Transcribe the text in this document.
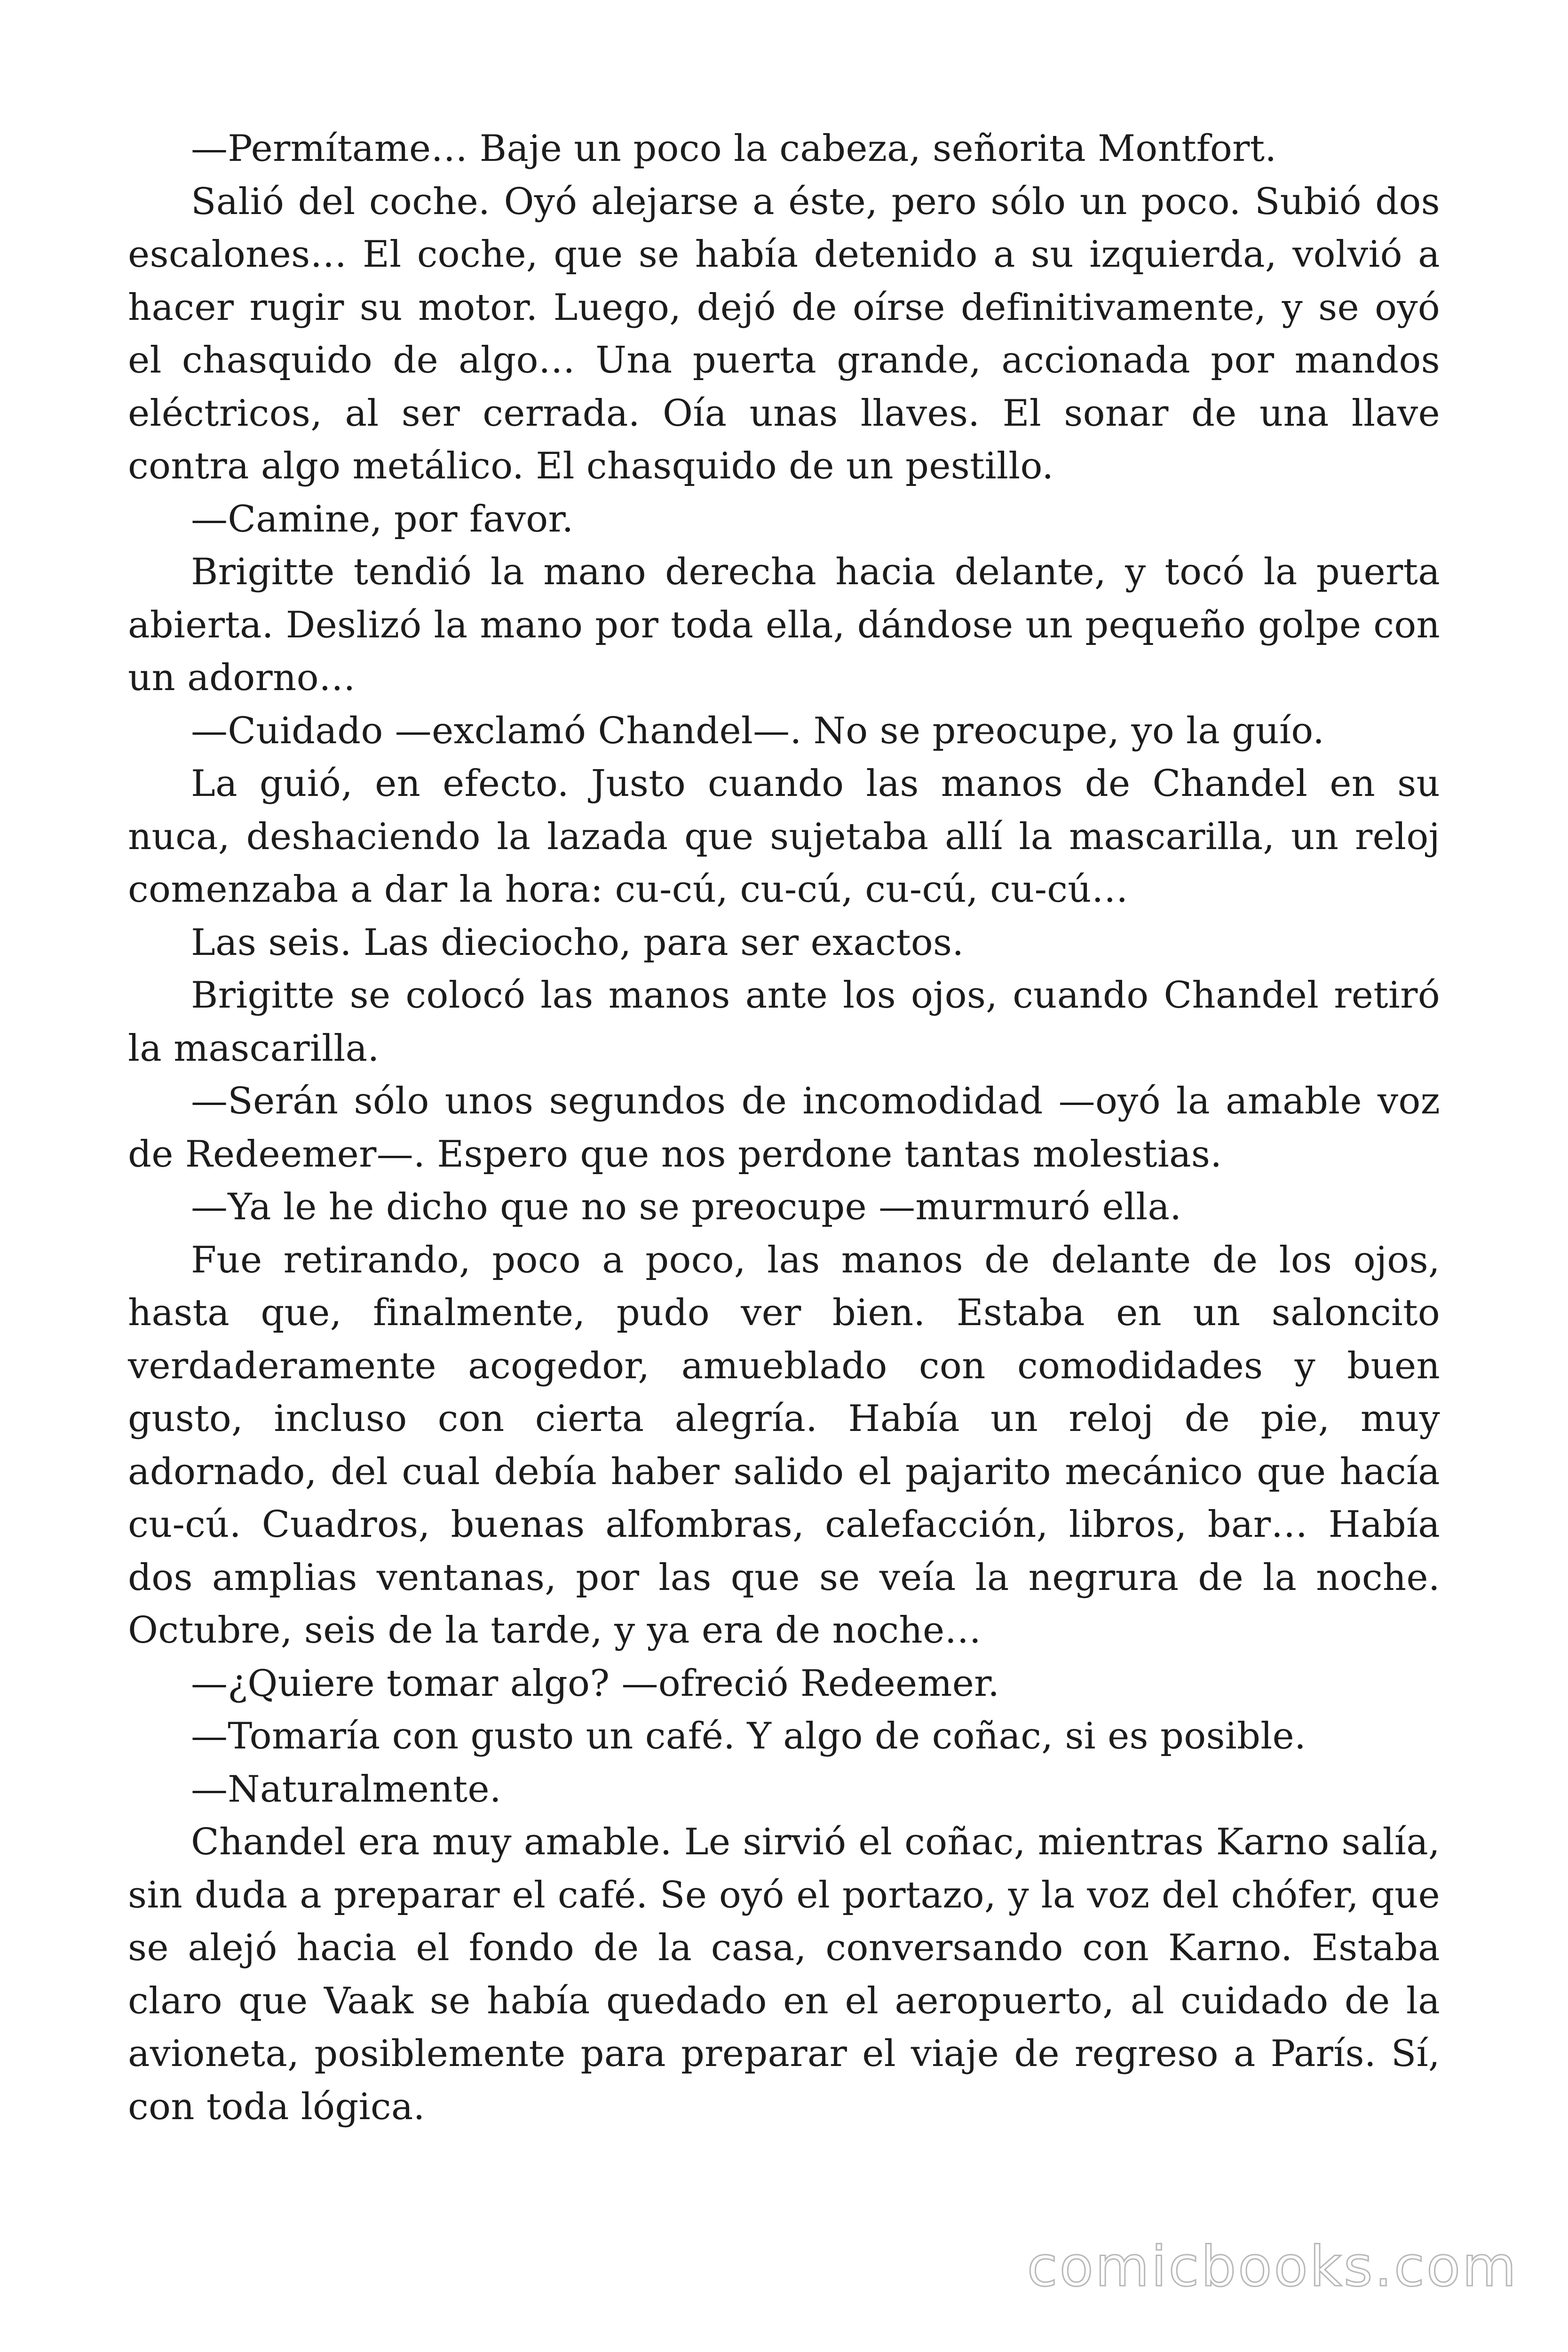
—Permítame… Baje un poco la cabeza, señorita Montfort.

Salió del coche. Oyó alejarse a éste, pero sólo un poco. Subió dos escalones… El coche, que se había detenido a su izquierda, volvió a hacer rugir su motor. Luego, dejó de oírse definitivamente, y se oyó el chasquido de algo… Una puerta grande, accionada por mandos eléctricos, al ser cerrada. Oía unas llaves. El sonar de una llave contra algo metálico. El chasquido de un pestillo.

—Camine, por favor.

Brigitte tendió la mano derecha hacia delante, y tocó la puerta abierta. Deslizó la mano por toda ella, dándose un pequeño golpe con un adorno…

—Cuidado —exclamó Chandel—. No se preocupe, yo la guío.

La guió, en efecto. Justo cuando las manos de Chandel en su nuca, deshaciendo la lazada que sujetaba allí la mascarilla, un reloj comenzaba a dar la hora: cu-cú, cu-cú, cu-cú, cu-cú…

Las seis. Las dieciocho, para ser exactos.

Brigitte se colocó las manos ante los ojos, cuando Chandel retiró la mascarilla.

—Serán sólo unos segundos de incomodidad —oyó la amable voz de Redeemer—. Espero que nos perdone tantas molestias.

—Ya le he dicho que no se preocupe —murmuró ella.

Fue retirando, poco a poco, las manos de delante de los ojos, hasta que, finalmente, pudo ver bien. Estaba en un saloncito verdaderamente acogedor, amueblado con comodidades y buen gusto, incluso con cierta alegría. Había un reloj de pie, muy adornado, del cual debía haber salido el pajarito mecánico que hacía cu-cú. Cuadros, buenas alfombras, calefacción, libros, bar… Había dos amplias ventanas, por las que se veía la negrura de la noche. Octubre, seis de la tarde, y ya era de noche…

—¿Quiere tomar algo? —ofreció Redeemer.

—Tomaría con gusto un café. Y algo de coñac, si es posible.

—Naturalmente.

Chandel era muy amable. Le sirvió el coñac, mientras Karno salía, sin duda a preparar el café. Se oyó el portazo, y la voz del chófer, que se alejó hacia el fondo de la casa, conversando con Karno. Estaba claro que Vaak se había quedado en el aeropuerto, al cuidado de la avioneta, posiblemente para preparar el viaje de regreso a París. Sí, con toda lógica.

comicbooks.com
